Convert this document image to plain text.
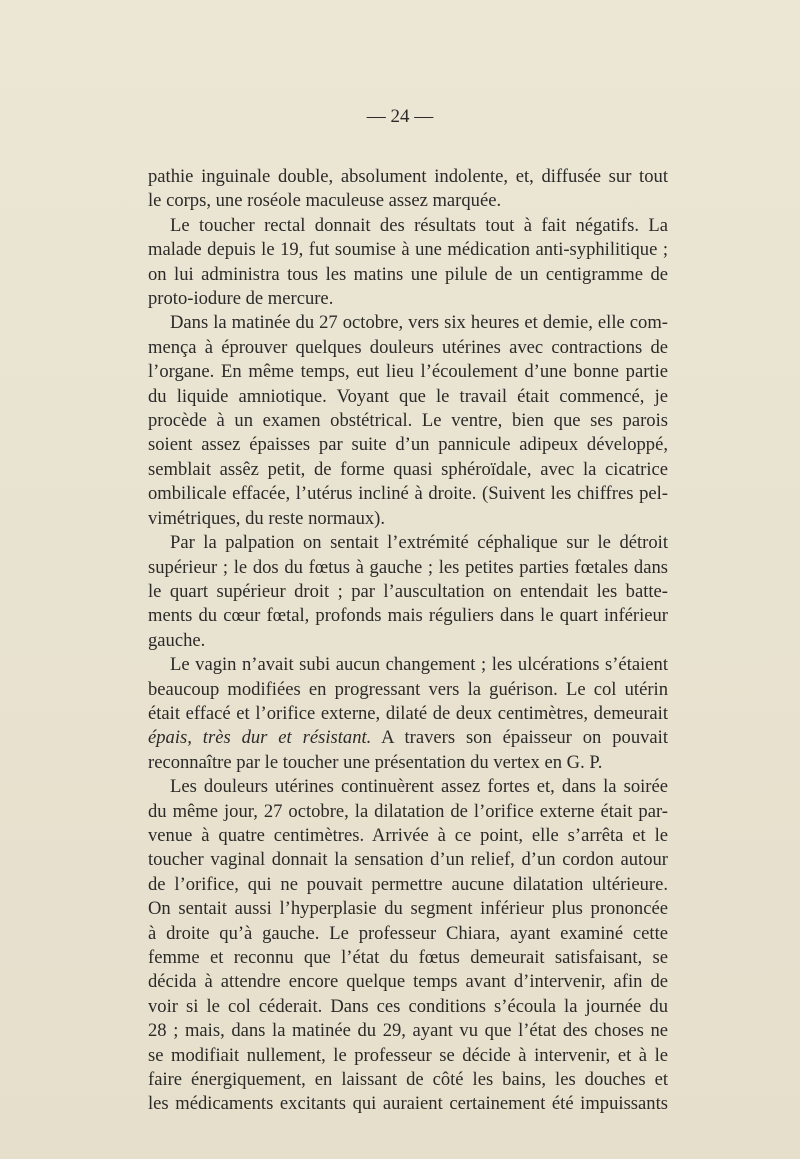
— 24 —

pathie inguinale double, absolument indolente, et, diffusée sur tout
le corps, une roséole maculeuse assez marquée.

Le toucher rectal donnait des résultats tout à fait négatifs. La
malade depuis le 19, fut soumise à une médication anti-syphilitique ;
on lui administra tous les matins une pilule de un centigramme de
proto-iodure de mercure.

Dans la matinée du 27 octobre, vers six heures et demie, elle com-
mença à éprouver quelques douleurs utérines avec contractions de
l’organe. En même temps, eut lieu l’écoulement d’une bonne partie
du liquide amniotique. Voyant que le travail était commencé, je
procède à un examen obstétrical. Le ventre, bien que ses parois
soient assez épaisses par suite d’un pannicule adipeux développé,
semblait assêz petit, de forme quasi sphéroïdale, avec la cicatrice
ombilicale effacée, l’utérus incliné à droite. (Suivent les chiffres pel-
vimétriques, du reste normaux).

Par la palpation on sentait l’extrémité céphalique sur le détroit
supérieur ; le dos du fœtus à gauche ; les petites parties fœtales dans
le quart supérieur droit ; par l’auscultation on entendait les batte-
ments du cœur fœtal, profonds mais réguliers dans le quart inférieur
gauche.

Le vagin n’avait subi aucun changement ; les ulcérations s’étaient
beaucoup modifiées en progressant vers la guérison. Le col utérin
était effacé et l’orifice externe, dilaté de deux centimètres, demeurait
épais, très dur et résistant. A travers son épaisseur on pouvait
reconnaître par le toucher une présentation du vertex en G. P.

Les douleurs utérines continuèrent assez fortes et, dans la soirée
du même jour, 27 octobre, la dilatation de l’orifice externe était par-
venue à quatre centimètres. Arrivée à ce point, elle s’arrêta et le
toucher vaginal donnait la sensation d’un relief, d’un cordon autour
de l’orifice, qui ne pouvait permettre aucune dilatation ultérieure.
On sentait aussi l’hyperplasie du segment inférieur plus prononcée
à droite qu’à gauche. Le professeur Chiara, ayant examiné cette
femme et reconnu que l’état du fœtus demeurait satisfaisant, se
décida à attendre encore quelque temps avant d’intervenir, afin de
voir si le col céderait. Dans ces conditions s’écoula la journée du
28 ; mais, dans la matinée du 29, ayant vu que l’état des choses ne
se modifiait nullement, le professeur se décide à intervenir, et à le
faire énergiquement, en laissant de côté les bains, les douches et
les médicaments excitants qui auraient certainement été impuissants
